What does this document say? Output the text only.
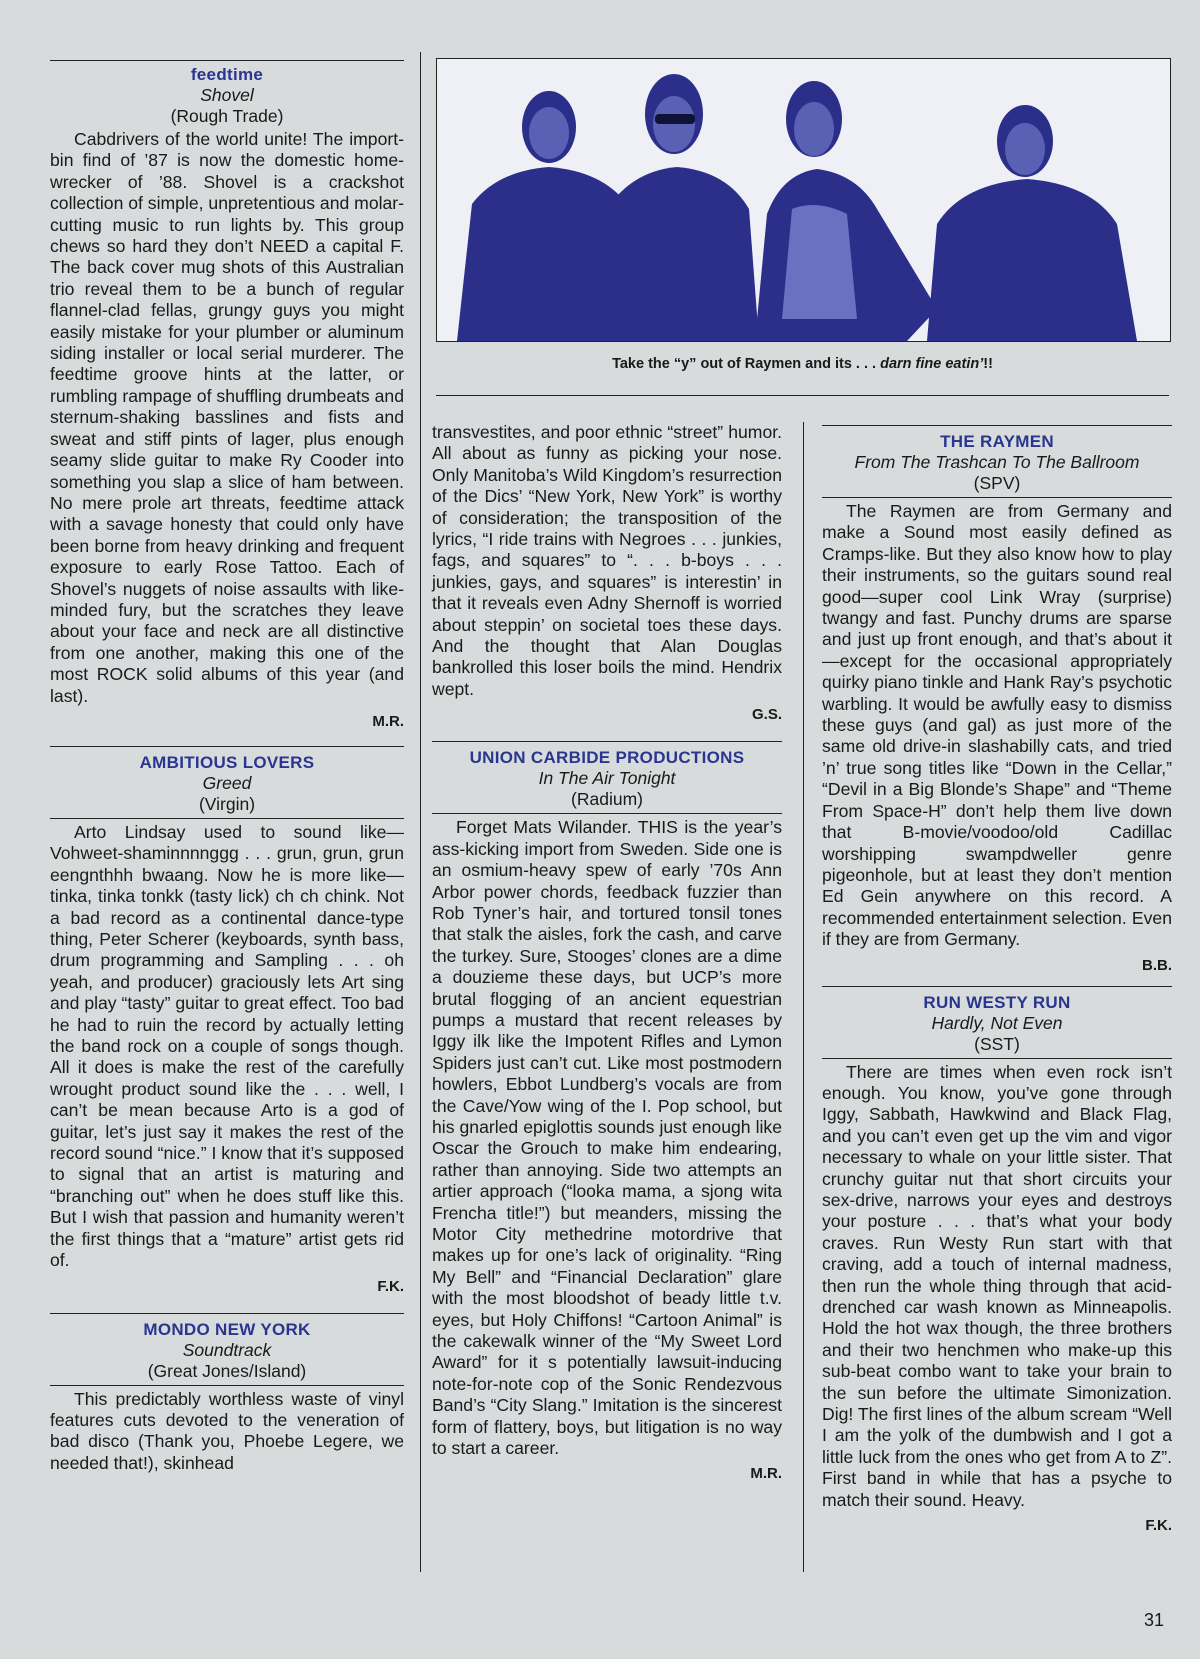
feedtime
Shovel
(Rough Trade)

Cabdrivers of the world unite! The import-bin find of ’87 is now the domestic home-wrecker of ’88. Shovel is a crackshot collection of simple, unpretentious and molar-cutting music to run lights by. This group chews so hard they don’t NEED a capital F. The back cover mug shots of this Australian trio reveal them to be a bunch of regular flannel-clad fellas, grungy guys you might easily mistake for your plumber or aluminum siding installer or local serial murderer. The feedtime groove hints at the latter, or rumbling rampage of shuffling drumbeats and sternum-shaking basslines and fists and sweat and stiff pints of lager, plus enough seamy slide guitar to make Ry Cooder into something you slap a slice of ham between. No mere prole art threats, feedtime attack with a savage honesty that could only have been borne from heavy drinking and frequent exposure to early Rose Tattoo. Each of Shovel’s nuggets of noise assaults with like-minded fury, but the scratches they leave about your face and neck are all distinctive from one another, making this one of the most ROCK solid albums of this year (and last).

M.R.
AMBITIOUS LOVERS
Greed
(Virgin)

Arto Lindsay used to sound like—Vohweet-shaminnnnggg . . . grun, grun, grun eengnthhh bwaang. Now he is more like—tinka, tinka tonkk (tasty lick) ch ch chink. Not a bad record as a continental dance-type thing, Peter Scherer (keyboards, synth bass, drum programming and Sampling . . . oh yeah, and producer) graciously lets Art sing and play “tasty” guitar to great effect. Too bad he had to ruin the record by actually letting the band rock on a couple of songs though. All it does is make the rest of the carefully wrought product sound like the . . . well, I can’t be mean because Arto is a god of guitar, let’s just say it makes the rest of the record sound “nice.” I know that it’s supposed to signal that an artist is maturing and “branching out” when he does stuff like this. But I wish that passion and humanity weren’t the first things that a “mature” artist gets rid of.

F.K.
MONDO NEW YORK
Soundtrack
(Great Jones/Island)

This predictably worthless waste of vinyl features cuts devoted to the veneration of bad disco (Thank you, Phoebe Legere, we needed that!), skinhead

Take the “y” out of Raymen and its . . . darn fine eatin’!!

transvestites, and poor ethnic “street” humor. All about as funny as picking your nose. Only Manitoba’s Wild Kingdom’s resurrection of the Dics’ “New York, New York” is worthy of consideration; the transposition of the lyrics, “I ride trains with Negroes . . . junkies, fags, and squares” to “. . . b-boys . . . junkies, gays, and squares” is interestin’ in that it reveals even Adny Shernoff is worried about steppin’ on societal toes these days. And the thought that Alan Douglas bankrolled this loser boils the mind. Hendrix wept.

G.S.
UNION CARBIDE PRODUCTIONS
In The Air Tonight
(Radium)

Forget Mats Wilander. THIS is the year’s ass-kicking import from Sweden. Side one is an osmium-heavy spew of early ’70s Ann Arbor power chords, feedback fuzzier than Rob Tyner’s hair, and tortured tonsil tones that stalk the aisles, fork the cash, and carve the turkey. Sure, Stooges’ clones are a dime a douzieme these days, but UCP’s more brutal flogging of an ancient equestrian pumps a mustard that recent releases by Iggy ilk like the Impotent Rifles and Lymon Spiders just can’t cut. Like most postmodern howlers, Ebbot Lundberg’s vocals are from the Cave/Yow wing of the I. Pop school, but his gnarled epiglottis sounds just enough like Oscar the Grouch to make him endearing, rather than annoying. Side two attempts an artier approach (“looka mama, a sjong wita Frencha title!”) but meanders, missing the Motor City methedrine motordrive that makes up for one’s lack of originality. “Ring My Bell” and “Financial Declaration” glare with the most bloodshot of beady little t.v. eyes, but Holy Chiffons! “Cartoon Animal” is the cakewalk winner of the “My Sweet Lord Award” for it s potentially lawsuit-inducing note-for-note cop of the Sonic Rendezvous Band’s “City Slang.” Imitation is the sincerest form of flattery, boys, but litigation is no way to start a career.

M.R.
THE RAYMEN
From The Trashcan To The Ballroom
(SPV)

The Raymen are from Germany and make a Sound most easily defined as Cramps-like. But they also know how to play their instruments, so the guitars sound real good—super cool Link Wray (surprise) twangy and fast. Punchy drums are sparse and just up front enough, and that’s about it—except for the occasional appropriately quirky piano tinkle and Hank Ray’s psychotic warbling. It would be awfully easy to dismiss these guys (and gal) as just more of the same old drive-in slashabilly cats, and tried ’n’ true song titles like “Down in the Cellar,” “Devil in a Big Blonde’s Shape” and “Theme From Space-H” don’t help them live down that B-movie/voodoo/old Cadillac worshipping swampdweller genre pigeonhole, but at least they don’t mention Ed Gein anywhere on this record. A recommended entertainment selection. Even if they are from Germany.

B.B.
RUN WESTY RUN
Hardly, Not Even
(SST)

There are times when even rock isn’t enough. You know, you’ve gone through Iggy, Sabbath, Hawkwind and Black Flag, and you can’t even get up the vim and vigor necessary to whale on your little sister. That crunchy guitar nut that short circuits your sex-drive, narrows your eyes and destroys your posture . . . that’s what your body craves. Run Westy Run start with that craving, add a touch of internal madness, then run the whole thing through that acid-drenched car wash known as Minneapolis. Hold the hot wax though, the three brothers and their two henchmen who make-up this sub-beat combo want to take your brain to the sun before the ultimate Simonization. Dig! The first lines of the album scream “Well I am the yolk of the dumbwish and I got a little luck from the ones who get from A to Z”. First band in while that has a psyche to match their sound. Heavy.

F.K.
31
